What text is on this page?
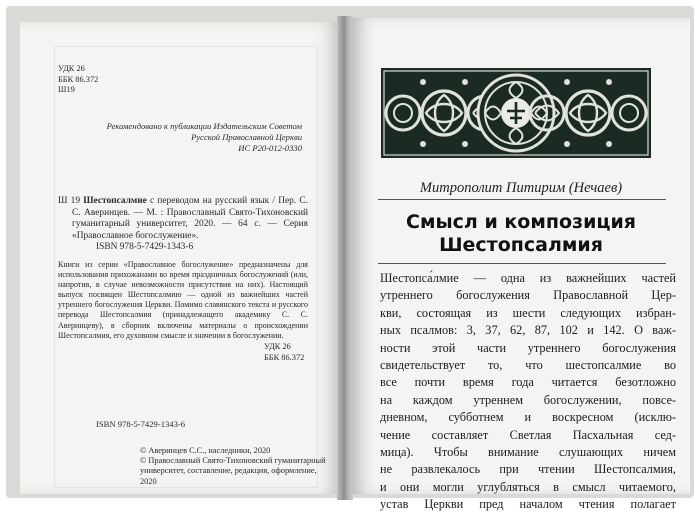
УДК 26
ББК 86.372
Ш19
Рекомендовано к публикации Издательским Советом
Русской Православной Церкви
ИС Р20-012-0330
Ш 19 Шестопсалмие с переводом на русский язык / Пер. С. С. Аверинцев. — М. : Православный Свято-Тихоновский гуманитарный университет, 2020. — 64 с. — Серия «Православное богослужение».
ISBN 978-5-7429-1343-6
Книги из серии «Православное богослужение» предназначены для использования прихожанами во время праздничных богослужений (или, напротив, в случае невозможности присутствия на них). Настоящий выпуск посвящен Шестопсалмию — одной из важнейших частей утреннего богослужения Церкви. Помимо славянского текста и русского перевода Шестопсалмия (принадлежащего академику С. С. Аверинцеву), в сборник включены материалы о происхождении Шестопсалмия, его духовном смысле и значении в богослужении.
УДК 26
ББК 86.372
ISBN 978-5-7429-1343-6
© Аверинцев С.С., наследники, 2020
© Православный Свято-Тихоновский гуманитарный университет, составление, редакция, оформление, 2020
Митрополит Питирим (Нечаев)
Смысл и композиция
Шестопсалмия
Шестопса́лмие — одна из важнейших частей
утреннего богослужения Православной Цер-
кви, состоящая из шести следующих избран-
ных псалмов: 3, 37, 62, 87, 102 и 142. О важ-
ности этой части утреннего богослужения
свидетельствует то, что шестопсалмие во
все почти время года читается безотложно
на каждом утреннем богослужении, повсе-
дневном, субботнем и воскресном (исклю-
чение составляет Светлая Пасхальная сед-
мица). Чтобы внимание слушающих ничем
не развлекалось при чтении Шестопсалмия,
и они могли углубляться в смысл читаемого,
устав Церкви пред началом чтения полагает
